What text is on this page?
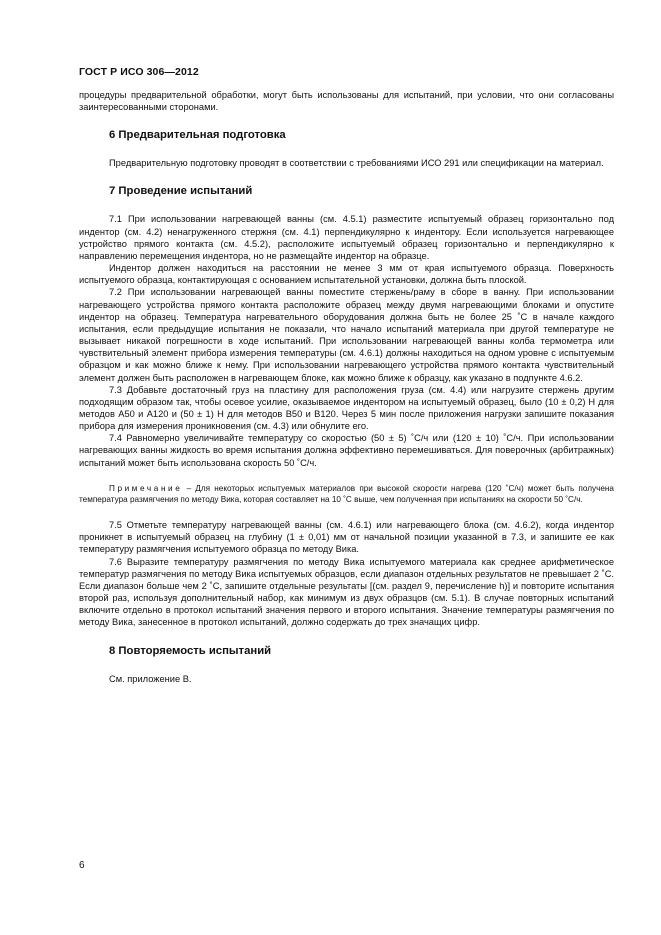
ГОСТ Р ИСО 306—2012

процедуры предварительной обработки, могут быть использованы для испытаний, при условии, что они согласованы заинтересованными сторонами.

6 Предварительная подготовка

Предварительную подготовку проводят в соответствии с требованиями ИСО 291 или спецификации на материал.

7 Проведение испытаний

7.1 При использовании нагревающей ванны (см. 4.5.1) разместите испытуемый образец горизонтально под индентор (см. 4.2) ненагруженного стержня (см. 4.1) перпендикулярно к индентору. Если используется нагревающее устройство прямого контакта (см. 4.5.2), расположите испытуемый образец горизонтально и перпендикулярно к направлению перемещения индентора, но не размещайте индентор на образце.

Индентор должен находиться на расстоянии не менее 3 мм от края испытуемого образца. Поверхность испытуемого образца, контактирующая с основанием испытательной установки, должна быть плоской.

7.2 При использовании нагревающей ванны поместите стержень/раму в сборе в ванну. При использовании нагревающего устройства прямого контакта расположите образец между двумя нагревающими блоками и опустите индентор на образец. Температура нагревательного оборудования должна быть не более 25 ˚С в начале каждого испытания, если предыдущие испытания не показали, что начало испытаний материала при другой температуре не вызывает никакой погрешности в ходе испытаний. При использовании нагревающей ванны колба термометра или чувствительный элемент прибора измерения температуры (см. 4.6.1) должны находиться на одном уровне с испытуемым образцом и как можно ближе к нему. При использовании нагревающего устройства прямого контакта чувствительный элемент должен быть расположен в нагревающем блоке, как можно ближе к образцу, как указано в подпункте 4.6.2.

7.3 Добавьте достаточный груз на пластину для расположения груза (см. 4.4) или нагрузите стержень другим подходящим образом так, чтобы осевое усилие, оказываемое индентором на испытуемый образец, было (10 ± 0,2) Н для методов А50 и А120 и (50 ± 1) Н для методов В50 и В120. Через 5 мин после приложения нагрузки запишите показания прибора для измерения проникновения (см. 4.3) или обнулите его.

7.4 Равномерно увеличивайте температуру со скоростью (50 ± 5) ˚С/ч или (120 ± 10) ˚С/ч. При использовании нагревающих ванны жидкость во время испытания должна эффективно перемешиваться. Для поверочных (арбитражных) испытаний может быть использована скорость 50 ˚С/ч.

Примечание – Для некоторых испытуемых материалов при высокой скорости нагрева (120 ˚С/ч) может быть получена температура размягчения по методу Вика, которая составляет на 10 ˚С выше, чем полученная при испытаниях на скорости 50 ˚С/ч.

7.5 Отметьте температуру нагревающей ванны (см. 4.6.1) или нагревающего блока (см. 4.6.2), когда индентор проникнет в испытуемый образец на глубину (1 ± 0,01) мм от начальной позиции указанной в 7.3, и запишите ее как температуру размягчения испытуемого образца по методу Вика.

7.6 Выразите температуру размягчения по методу Вика испытуемого материала как среднее арифметическое температур размягчения по методу Вика испытуемых образцов, если диапазон отдельных результатов не превышает 2 ˚С. Если диапазон больше чем 2 ˚С, запишите отдельные результаты [(см. раздел 9, перечисление h)] и повторите испытания второй раз, используя дополнительный набор, как минимум из двух образцов (см. 5.1). В случае повторных испытаний включите отдельно в протокол испытаний значения первого и второго испытания. Значение температуры размягчения по методу Вика, занесенное в протокол испытаний, должно содержать до трех значащих цифр.

8 Повторяемость испытаний

См. приложение В.

6
